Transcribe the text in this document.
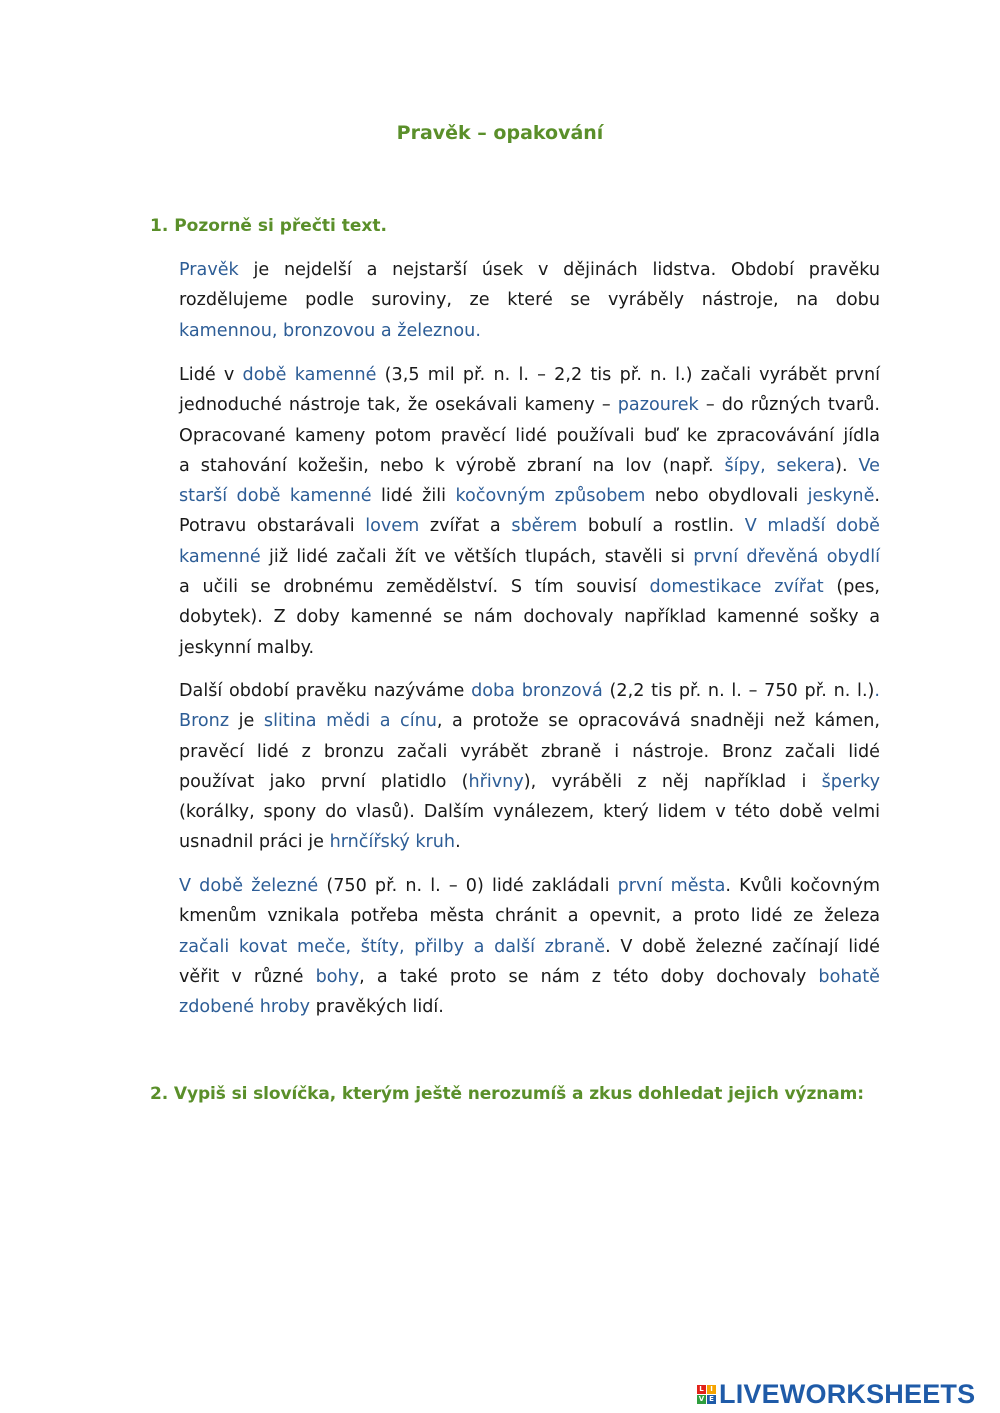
Pravěk – opakování
1. Pozorně si přečti text.
Pravěk je nejdelší a nejstarší úsek v dějinách lidstva. Období pravěku
rozdělujeme podle suroviny, ze které se vyráběly nástroje, na dobu
kamennou, bronzovou a železnou.
Lidé v době kamenné (3,5 mil př. n. l. – 2,2 tis př. n. l.) začali vyrábět první
jednoduché nástroje tak, že osekávali kameny – pazourek – do různých tvarů.
Opracované kameny potom pravěcí lidé používali buď ke zpracovávání jídla
a stahování kožešin, nebo k výrobě zbraní na lov (např. šípy, sekera). Ve
starší době kamenné lidé žili kočovným způsobem nebo obydlovali jeskyně.
Potravu obstarávali lovem zvířat a sběrem bobulí a rostlin. V mladší době
kamenné již lidé začali žít ve větších tlupách, stavěli si první dřevěná obydlí
a učili se drobnému zemědělství. S tím souvisí domestikace zvířat (pes,
dobytek). Z doby kamenné se nám dochovaly například kamenné sošky a
jeskynní malby.
Další období pravěku nazýváme doba bronzová (2,2 tis př. n. l. – 750 př. n. l.).
Bronz je slitina mědi a cínu, a protože se opracovává snadněji než kámen,
pravěcí lidé z bronzu začali vyrábět zbraně i nástroje. Bronz začali lidé
používat jako první platidlo (hřivny), vyráběli z něj například i šperky
(korálky, spony do vlasů). Dalším vynálezem, který lidem v této době velmi
usnadnil práci je hrnčířský kruh.
V době železné (750 př. n. l. – 0) lidé zakládali první města. Kvůli kočovným
kmenům vznikala potřeba města chránit a opevnit, a proto lidé ze železa
začali kovat meče, štíty, přilby a další zbraně. V době železné začínají lidé
věřit v různé bohy, a také proto se nám z této doby dochovaly bohatě
zdobené hroby pravěkých lidí.
2. Vypiš si slovíčka, kterým ještě nerozumíš a zkus dohledat jejich význam:
L I
V E LIVEWORKSHEETS
